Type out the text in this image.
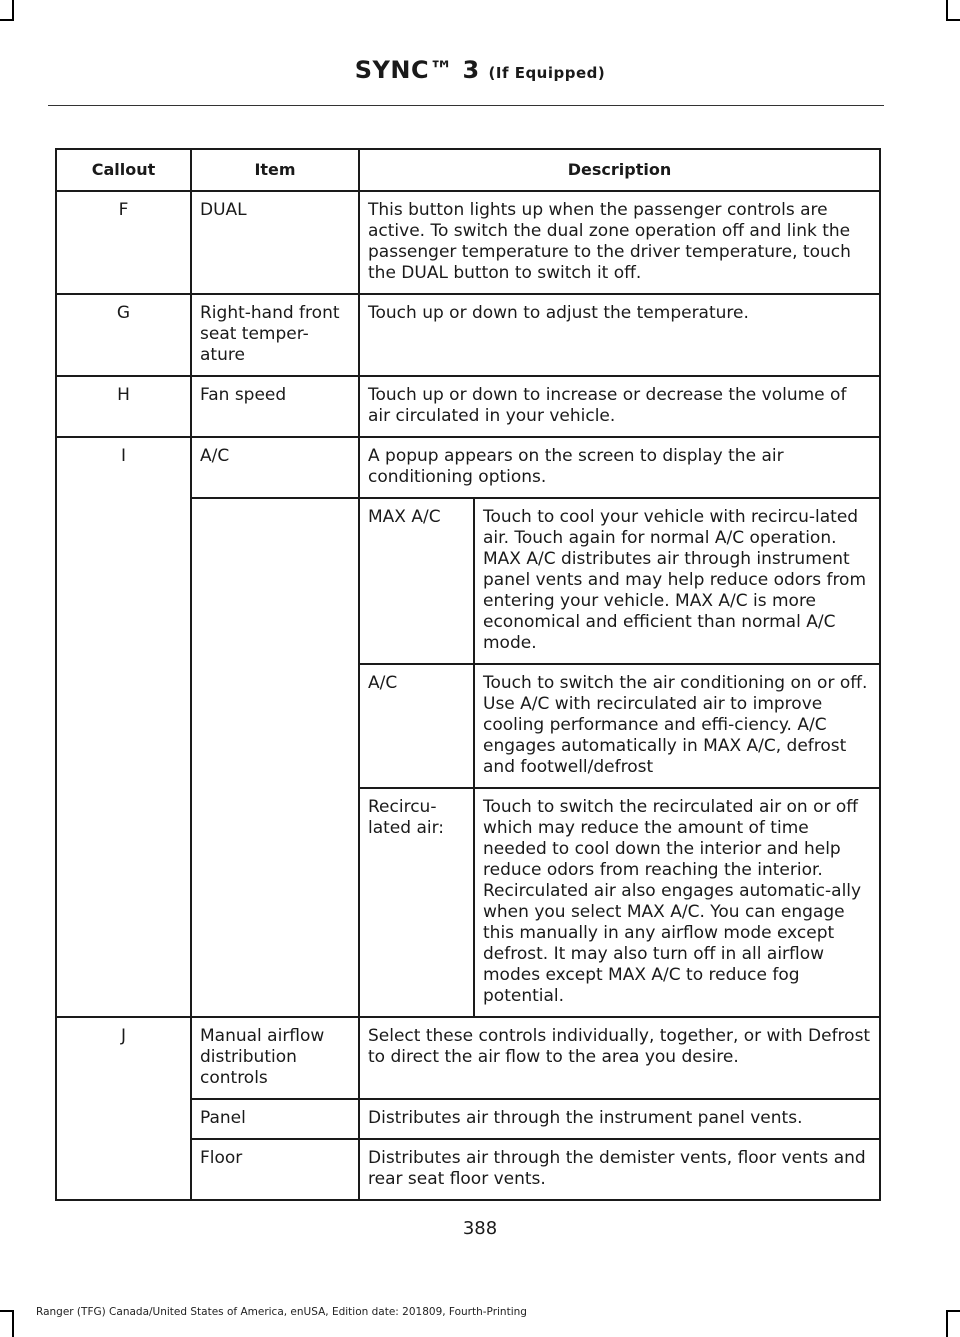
SYNC™ 3 (If Equipped)
Callout	Item	Description	
F	DUAL	This button lights up when the passenger controls are active. To switch the dual zone operation off and link the passenger temperature to the driver temperature, touch the DUAL button to switch it off.	
G	Right-hand front seat temper-ature	Touch up or down to adjust the temperature.	
H	Fan speed	Touch up or down to increase or decrease the volume of air circulated in your vehicle.	
I	A/C	A popup appears on the screen to display the air conditioning options.	
		MAX A/C	Touch to cool your vehicle with recircu-lated air. Touch again for normal A/C operation. MAX A/C distributes air through instrument panel vents and may help reduce odors from entering your vehicle. MAX A/C is more economical and efficient than normal A/C mode.
		A/C	Touch to switch the air conditioning on or off. Use A/C with recirculated air to improve cooling performance and effi-ciency. A/C engages automatically in MAX A/C, defrost and footwell/defrost
		Recircu-lated air:	Touch to switch the recirculated air on or off which may reduce the amount of time needed to cool down the interior and help reduce odors from reaching the interior. Recirculated air also engages automatic-ally when you select MAX A/C. You can engage this manually in any airflow mode except defrost. It may also turn off in all airflow modes except MAX A/C to reduce fog potential.
J	Manual airflow distribution controls	Select these controls individually, together, or with Defrost to direct the air flow to the area you desire.	
	Panel	Distributes air through the instrument panel vents.	
	Floor	Distributes air through the demister vents, floor vents and rear seat floor vents.	
388
Ranger (TFG) Canada/United States of America, enUSA, Edition date: 201809, Fourth-Printing
